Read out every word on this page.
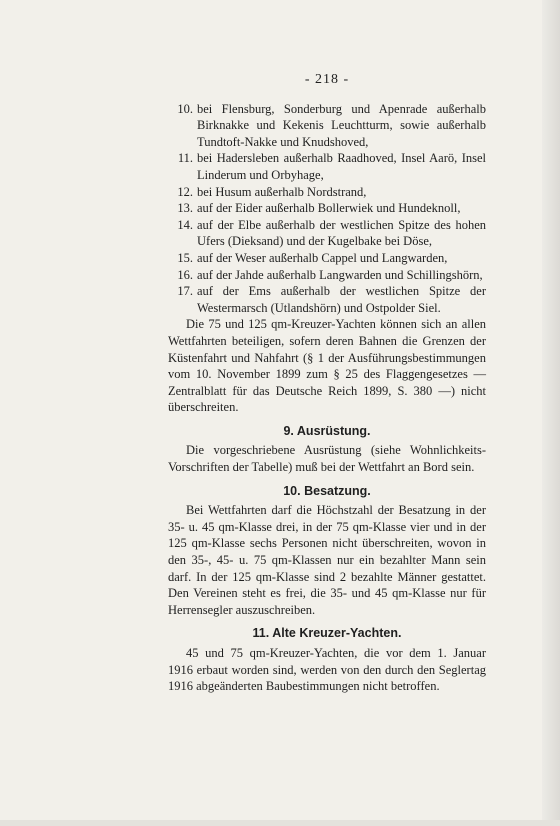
- 218 -
10. bei Flensburg, Sonderburg und Apenrade außerhalb Birknakke und Kekenis Leuchtturm, sowie außerhalb Tundtoft-Nakke und Knudshoved,
11. bei Hadersleben außerhalb Raadhoved, Insel Aarö, Insel Linderum und Orbyhage,
12. bei Husum außerhalb Nordstrand,
13. auf der Eider außerhalb Bollerwiek und Hundeknoll,
14. auf der Elbe außerhalb der westlichen Spitze des hohen Ufers (Dieksand) und der Kugelbake bei Döse,
15. auf der Weser außerhalb Cappel und Langwarden,
16. auf der Jahde außerhalb Langwarden und Schillingshörn,
17. auf der Ems außerhalb der westlichen Spitze der Westermarsch (Utlandshörn) und Ostpolder Siel.

Die 75 und 125 qm-Kreuzer-Yachten können sich an allen Wettfahrten beteiligen, sofern deren Bahnen die Grenzen der Küstenfahrt und Nahfahrt (§ 1 der Ausführungsbestimmungen vom 10. November 1899 zum § 25 des Flaggengesetzes — Zentralblatt für das Deutsche Reich 1899, S. 380 —) nicht überschreiten.

9. Ausrüstung.

Die vorgeschriebene Ausrüstung (siehe Wohnlichkeits-Vorschriften der Tabelle) muß bei der Wettfahrt an Bord sein.

10. Besatzung.

Bei Wettfahrten darf die Höchstzahl der Besatzung in der 35- u. 45 qm-Klasse drei, in der 75 qm-Klasse vier und in der 125 qm-Klasse sechs Personen nicht überschreiten, wovon in den 35-, 45- u. 75 qm-Klassen nur ein bezahlter Mann sein darf. In der 125 qm-Klasse sind 2 bezahlte Männer gestattet. Den Vereinen steht es frei, die 35- und 45 qm-Klasse nur für Herrensegler auszuschreiben.

11. Alte Kreuzer-Yachten.

45 und 75 qm-Kreuzer-Yachten, die vor dem 1. Januar 1916 erbaut worden sind, werden von den durch den Seglertag 1916 abgeänderten Baubestimmungen nicht betroffen.
